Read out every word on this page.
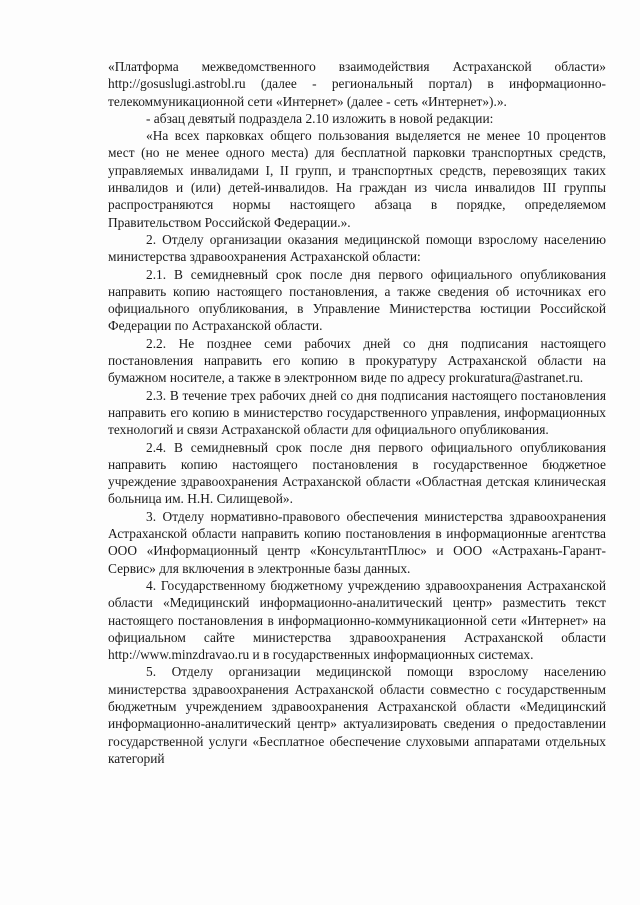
«Платформа межведомственного взаимодействия Астраханской области» http://gosuslugi.astrobl.ru (далее - региональный портал) в информационно-телекоммуникационной сети «Интернет» (далее - сеть «Интернет»).».

- абзац девятый подраздела 2.10 изложить в новой редакции:

«На всех парковках общего пользования выделяется не менее 10 процентов мест (но не менее одного места) для бесплатной парковки транспортных средств, управляемых инвалидами I, II групп, и транспортных средств, перевозящих таких инвалидов и (или) детей-инвалидов. На граждан из числа инвалидов III группы распространяются нормы настоящего абзаца в порядке, определяемом Правительством Российской Федерации.».

2. Отделу организации оказания медицинской помощи взрослому населению министерства здравоохранения Астраханской области:

2.1. В семидневный срок после дня первого официального опубликования направить копию настоящего постановления, а также сведения об источниках его официального опубликования, в Управление Министерства юстиции Российской Федерации по Астраханской области.

2.2. Не позднее семи рабочих дней со дня подписания настоящего постановления направить его копию в прокуратуру Астраханской области на бумажном носителе, а также в электронном виде по адресу prokuratura@astranet.ru.

2.3. В течение трех рабочих дней со дня подписания настоящего постановления направить его копию в министерство государственного управления, информационных технологий и связи Астраханской области для официального опубликования.

2.4. В семидневный срок после дня первого официального опубликования направить копию настоящего постановления в государственное бюджетное учреждение здравоохранения Астраханской области «Областная детская клиническая больница им. Н.Н. Силищевой».

3. Отделу нормативно-правового обеспечения министерства здравоохранения Астраханской области направить копию постановления в информационные агентства ООО «Информационный центр «КонсультантПлюс» и ООО «Астрахань-Гарант-Сервис» для включения в электронные базы данных.

4. Государственному бюджетному учреждению здравоохранения Астраханской области «Медицинский информационно-аналитический центр» разместить текст настоящего постановления в информационно-коммуникационной сети «Интернет» на официальном сайте министерства здравоохранения Астраханской области http://www.minzdravao.ru и в государственных информационных системах.

5. Отделу организации медицинской помощи взрослому населению министерства здравоохранения Астраханской области совместно с государственным бюджетным учреждением здравоохранения Астраханской области «Медицинский информационно-аналитический центр» актуализировать сведения о предоставлении государственной услуги «Бесплатное обеспечение слуховыми аппаратами отдельных категорий
